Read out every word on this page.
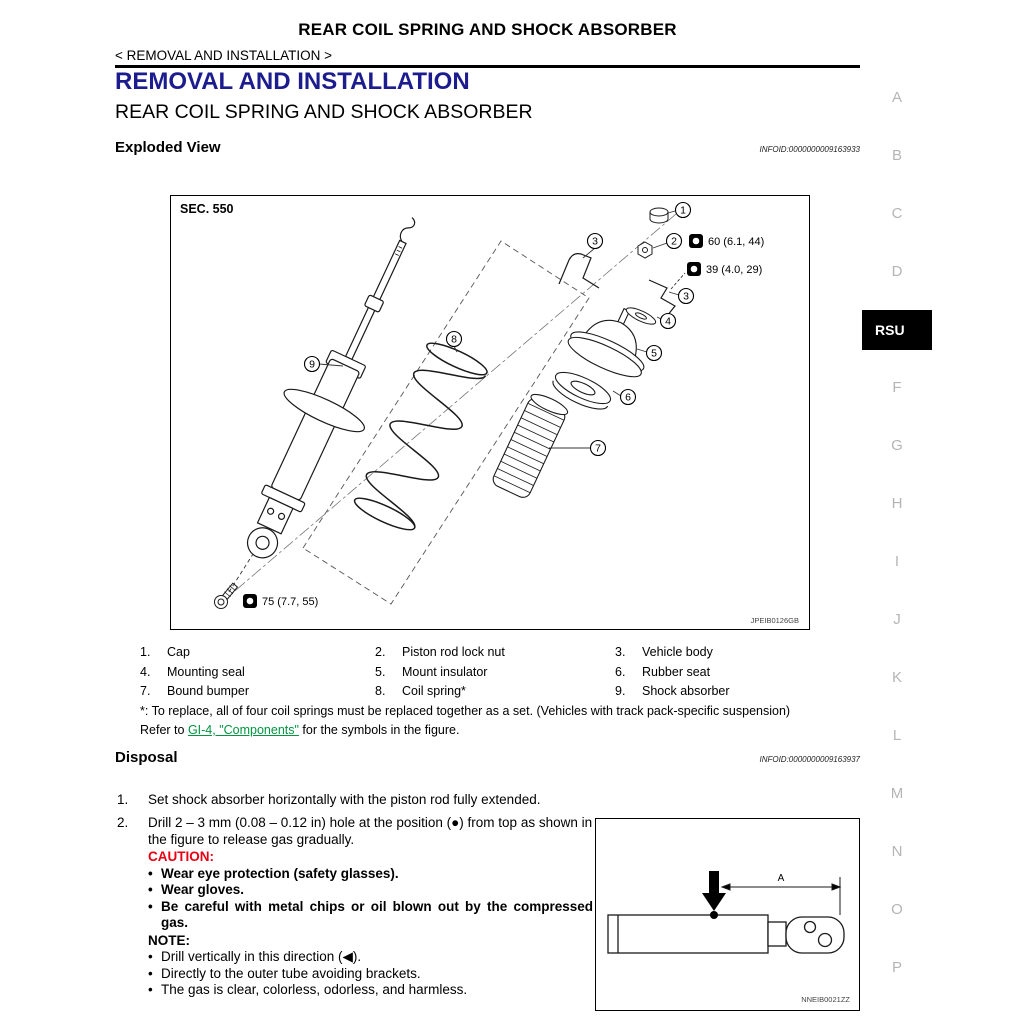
REAR COIL SPRING AND SHOCK ABSORBER
< REMOVAL AND INSTALLATION >
REMOVAL AND INSTALLATION
REAR COIL SPRING AND SHOCK ABSORBER
Exploded View	INFOID:0000000009163933
SEC. 550	1
2
3
3
4
5
6
7
8
9
60 (6.1, 44)
39 (4.0, 29)
75 (7.7, 55)
JPEIB0126GB
1.	Cap	2.	Piston rod lock nut	3.	Vehicle body
4.	Mounting seal	5.	Mount insulator	6.	Rubber seat
7.	Bound bumper	8.	Coil spring*	9.	Shock absorber
*: To replace, all of four coil springs must be replaced together as a set. (Vehicles with track pack-specific suspension)
Refer to GI-4, "Components" for the symbols in the figure.
Disposal	INFOID:0000000009163937
1. Set shock absorber horizontally with the piston rod fully extended.
2. Drill 2 – 3 mm (0.08 – 0.12 in) hole at the position (●) from top as shown in the figure to release gas gradually.

CAUTION:
• Wear eye protection (safety glasses).
• Wear gloves.
• Be careful with metal chips or oil blown out by the compressed gas.
NOTE:
• Drill vertically in this direction (◀).
• Directly to the outer tube avoiding brackets.
• The gas is clear, colorless, odorless, and harmless.
A
NNEIB0021ZZ
A
B
C
D
RSU
F
G
H
I
J
K
L
M
N
O
P
